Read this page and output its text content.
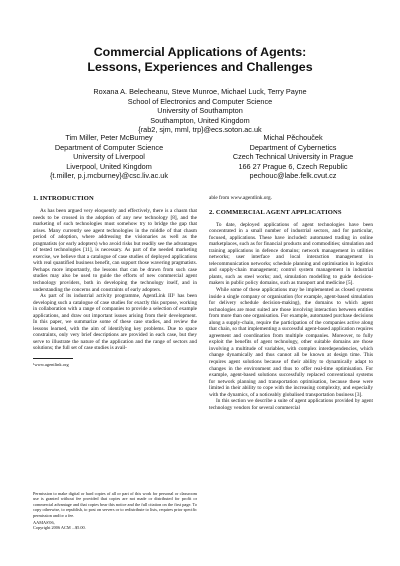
Commercial Applications of Agents:
Lessons, Experiences and Challenges
Roxana A. Belecheanu, Steve Munroe, Michael Luck, Terry Payne
School of Electronics and Computer Science
University of Southampton
Southampton, United Kingdom
{rab2, sjm, mml, trp}@ecs.soton.ac.uk
Tim Miller, Peter McBurney
Department of Computer Science
University of Liverpool
Liverpool, United Kingdom
{t.miller, p.j.mcburney}@csc.liv.ac.uk
Michal Pěchouček
Department of Cybernetics
Czech Technical University in Prague
166 27 Prague 6, Czech Republic
pechouc@labe.felk.cvut.cz
1. INTRODUCTION

As has been argued very eloquently and effectively, there is a chasm that needs to be crossed in the adoption of any new technology [8], and the marketing of such technologies must somehow try to bridge the gap that arises. Many currently see agent technologies in the middle of that chasm period of adoption, where addressing the visionaries as well as the pragmatists (or early adopters) who avoid risks but readily see the advantages of tested technologies [11], is necessary. As part of the needed marketing exercise, we believe that a catalogue of case studies of deployed applications with real quantified business benefit, can support those wavering pragmatists. Perhaps more importantly, the lessons that can be drawn from such case studies may also be used to guide the efforts of new commercial agent technology providers, both in developing the technology itself, and in understanding the concerns and constraints of early adopters.

As part of its industrial activity programme, AgentLink III¹ has been developing such a catalogue of case studies for exactly this purpose, working in collaboration with a range of companies to provide a selection of example applications, and draw out important issues arising from their development. In this paper, we summarize some of these case studies, and review the lessons learned, with the aim of identifying key problems. Due to space constraints, only very brief descriptions are provided in each case, but they serve to illustrate the nature of the application and the range of sectors and solutions; the full set of case studies is avail-

¹www.agentlink.org

Permission to make digital or hard copies of all or part of this work for personal or classroom use is granted without fee provided that copies are not made or distributed for profit or commercial advantage and that copies bear this notice and the full citation on the first page. To copy otherwise, to republish, to post on servers or to redistribute to lists, requires prior specific permission and/or a fee.

AAMAS'06,

Copyright 2006 ACM ...$5.00.

able from www.agentlink.org.

2. COMMERCIAL AGENT APPLICATIONS

To date, deployed applications of agent technologies have been concentrated in a small number of industrial sectors, and for particular, focused, applications. These have included: automated trading in online marketplaces, such as for financial products and commodities; simulation and training applications in defence domains; network management in utilities networks; user interface and local interaction management in telecommunication networks; schedule planning and optimisation in logistics and supply-chain management; control system management in industrial plants, such as steel works; and, simulation modelling to guide decision-makers in public policy domains, such as transport and medicine [5].

While some of these applications may be implemented as closed systems inside a single company or organisation (for example, agent-based simulation for delivery schedule decision-making), the domains to which agent technologies are most suited are those involving interaction between entities from more than one organisation. For example, automated purchase decisions along a supply-chain, require the participation of the companies active along that chain, so that implementing a successful agent-based application requires agreement and coordination from multiple companies. Moreover, to fully exploit the benefits of agent technology, other suitable domains are those involving a multitude of variables, with complex interdependencies, which change dynamically and thus cannot all be known at design time. This requires agent solutions because of their ability to dynamically adapt to changes in the environment and thus to offer real-time optimisation. For example, agent-based solutions successfully replaced conventional systems for network planning and transportation optimisation, because these were limited in their ability to cope with the increasing complexity, and especially with the dynamics, of a noticeably globalised transportation business [3].

In this section we describe a suite of agent applications provided by agent technology vendors for several commercial
